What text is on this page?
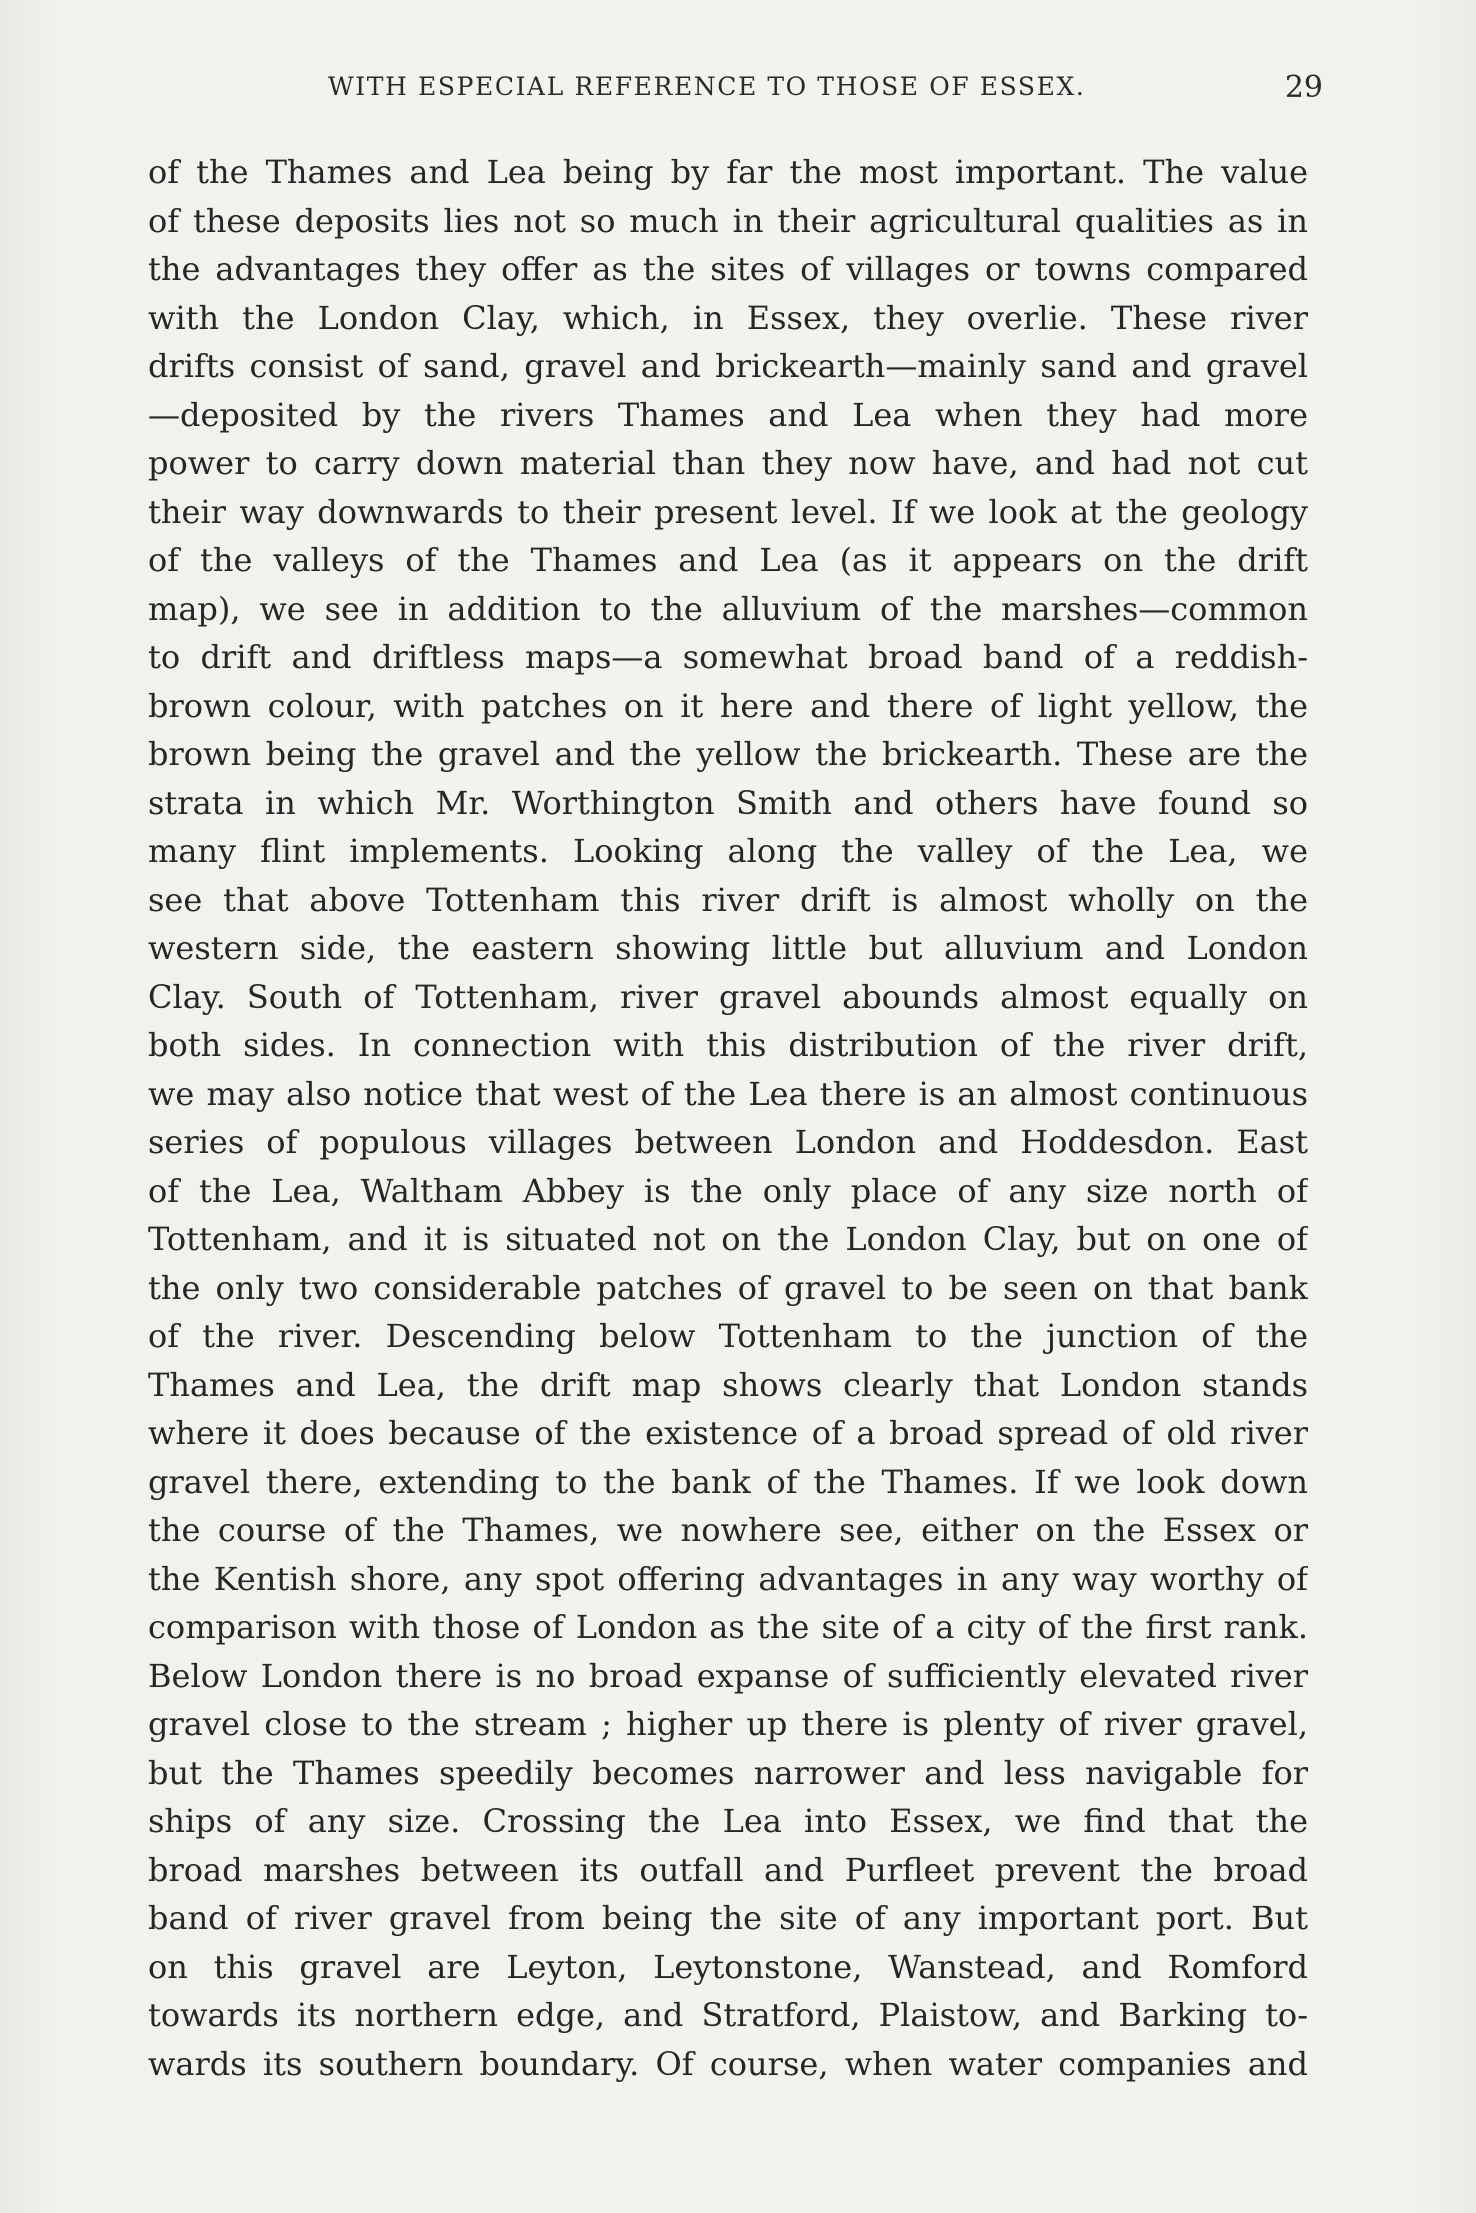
WITH ESPECIAL REFERENCE TO THOSE OF ESSEX.	29
of the Thames and Lea being by far the most important. The value
of these deposits lies not so much in their agricultural qualities as in
the advantages they offer as the sites of villages or towns compared
with the London Clay, which, in Essex, they overlie. These river
drifts consist of sand, gravel and brickearth—mainly sand and gravel
—deposited by the rivers Thames and Lea when they had more
power to carry down material than they now have, and had not cut
their way downwards to their present level. If we look at the geology
of the valleys of the Thames and Lea (as it appears on the drift
map), we see in addition to the alluvium of the marshes—common
to drift and driftless maps—a somewhat broad band of a reddish-
brown colour, with patches on it here and there of light yellow, the
brown being the gravel and the yellow the brickearth. These are the
strata in which Mr. Worthington Smith and others have found so
many flint implements. Looking along the valley of the Lea, we
see that above Tottenham this river drift is almost wholly on the
western side, the eastern showing little but alluvium and London
Clay. South of Tottenham, river gravel abounds almost equally on
both sides. In connection with this distribution of the river drift,
we may also notice that west of the Lea there is an almost continuous
series of populous villages between London and Hoddesdon. East
of the Lea, Waltham Abbey is the only place of any size north of
Tottenham, and it is situated not on the London Clay, but on one of
the only two considerable patches of gravel to be seen on that bank
of the river. Descending below Tottenham to the junction of the
Thames and Lea, the drift map shows clearly that London stands
where it does because of the existence of a broad spread of old river
gravel there, extending to the bank of the Thames. If we look down
the course of the Thames, we nowhere see, either on the Essex or
the Kentish shore, any spot offering advantages in any way worthy of
comparison with those of London as the site of a city of the first rank.
Below London there is no broad expanse of sufficiently elevated river
gravel close to the stream ; higher up there is plenty of river gravel,
but the Thames speedily becomes narrower and less navigable for
ships of any size. Crossing the Lea into Essex, we find that the
broad marshes between its outfall and Purfleet prevent the broad
band of river gravel from being the site of any important port. But
on this gravel are Leyton, Leytonstone, Wanstead, and Romford
towards its northern edge, and Stratford, Plaistow, and Barking to-
wards its southern boundary. Of course, when water companies and
